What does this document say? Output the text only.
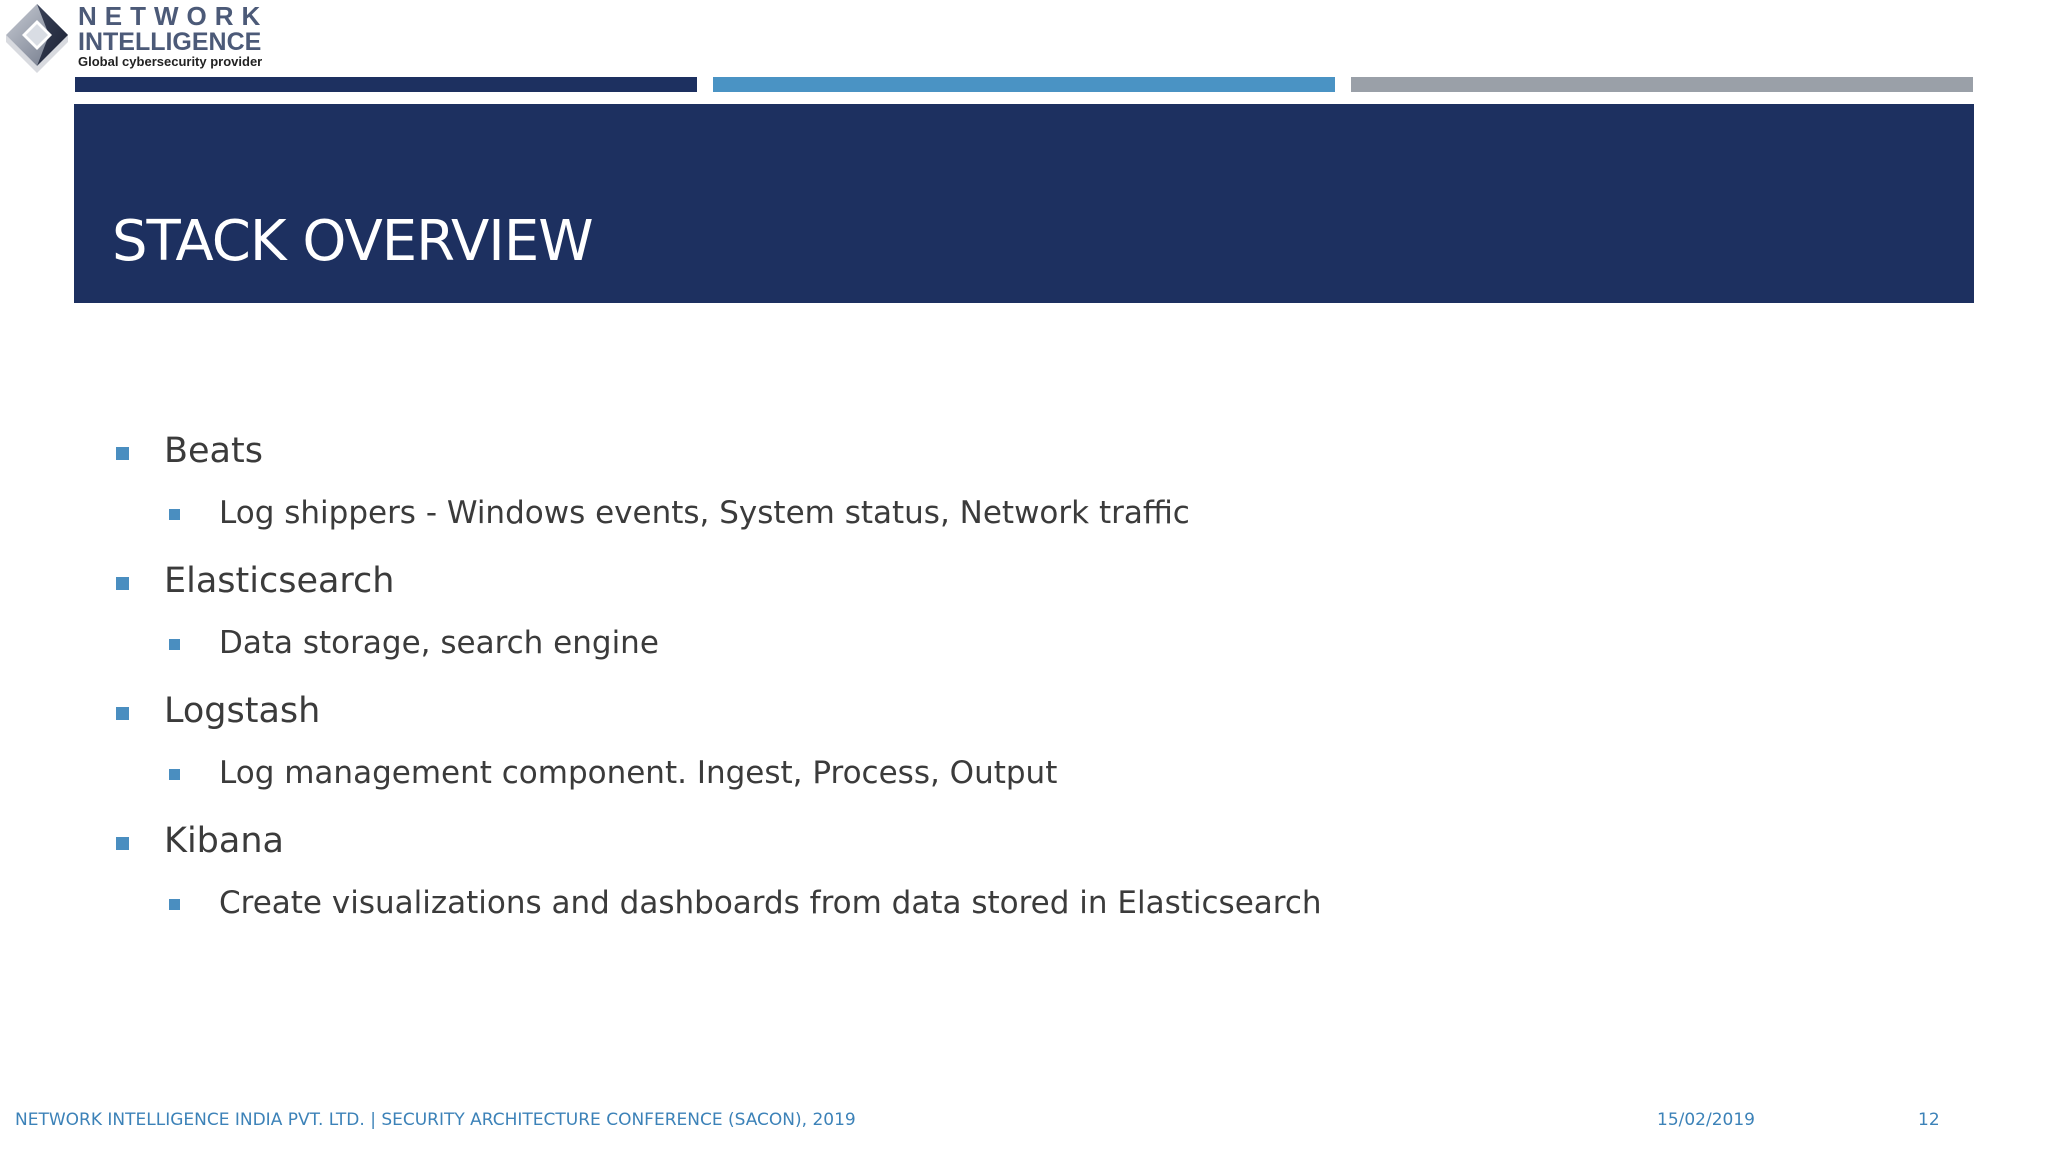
NETWORK
INTELLIGENCE
Global cybersecurity provider
STACK OVERVIEW
Beats
Log shippers - Windows events, System status, Network traffic
Elasticsearch
Data storage, search engine
Logstash
Log management component. Ingest, Process, Output
Kibana
Create visualizations and dashboards from data stored in Elasticsearch
NETWORK INTELLIGENCE INDIA PVT. LTD. | SECURITY ARCHITECTURE CONFERENCE (SACON), 2019	15/02/2019	12
